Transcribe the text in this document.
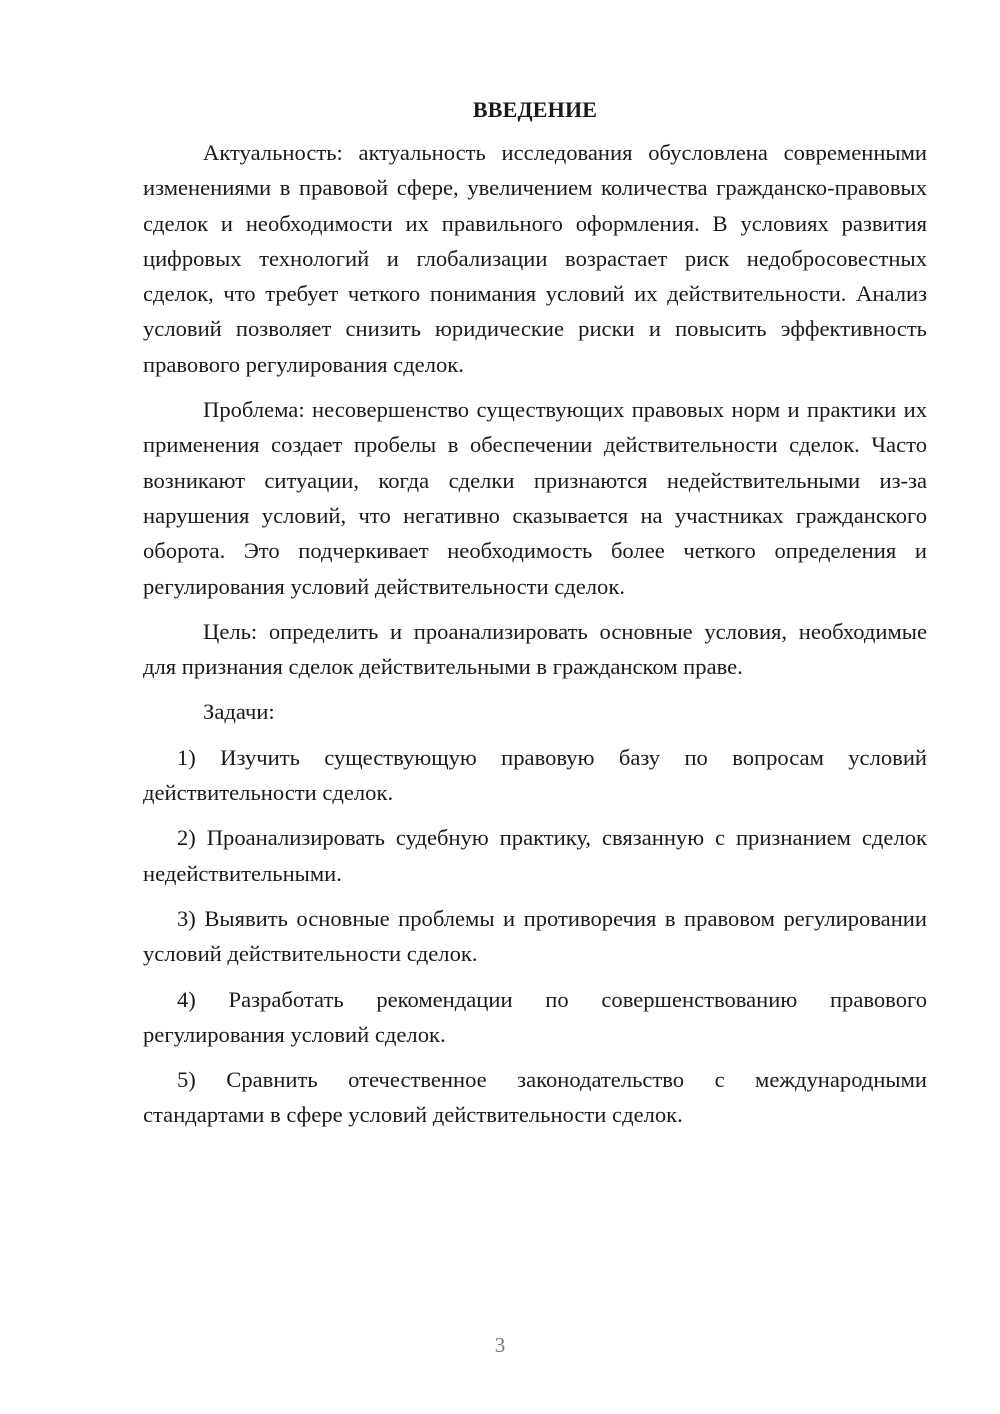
ВВЕДЕНИЕ

Актуальность: актуальность исследования обусловлена современными изменениями в правовой сфере, увеличением количества гражданско-правовых сделок и необходимости их правильного оформления. В условиях развития цифровых технологий и глобализации возрастает риск недобросовестных сделок, что требует четкого понимания условий их действительности. Анализ условий позволяет снизить юридические риски и повысить эффективность правового регулирования сделок.

Проблема: несовершенство существующих правовых норм и практики их применения создает пробелы в обеспечении действительности сделок. Часто возникают ситуации, когда сделки признаются недействительными из-за нарушения условий, что негативно сказывается на участниках гражданского оборота. Это подчеркивает необходимость более четкого определения и регулирования условий действительности сделок.

Цель: определить и проанализировать основные условия, необходимые для признания сделок действительными в гражданском праве.

Задачи:

1) Изучить существующую правовую базу по вопросам условий действительности сделок.

2) Проанализировать судебную практику, связанную с признанием сделок недействительными.

3) Выявить основные проблемы и противоречия в правовом регулировании условий действительности сделок.

4) Разработать рекомендации по совершенствованию правового регулирования условий сделок.

5) Сравнить отечественное законодательство с международными стандартами в сфере условий действительности сделок.

3
